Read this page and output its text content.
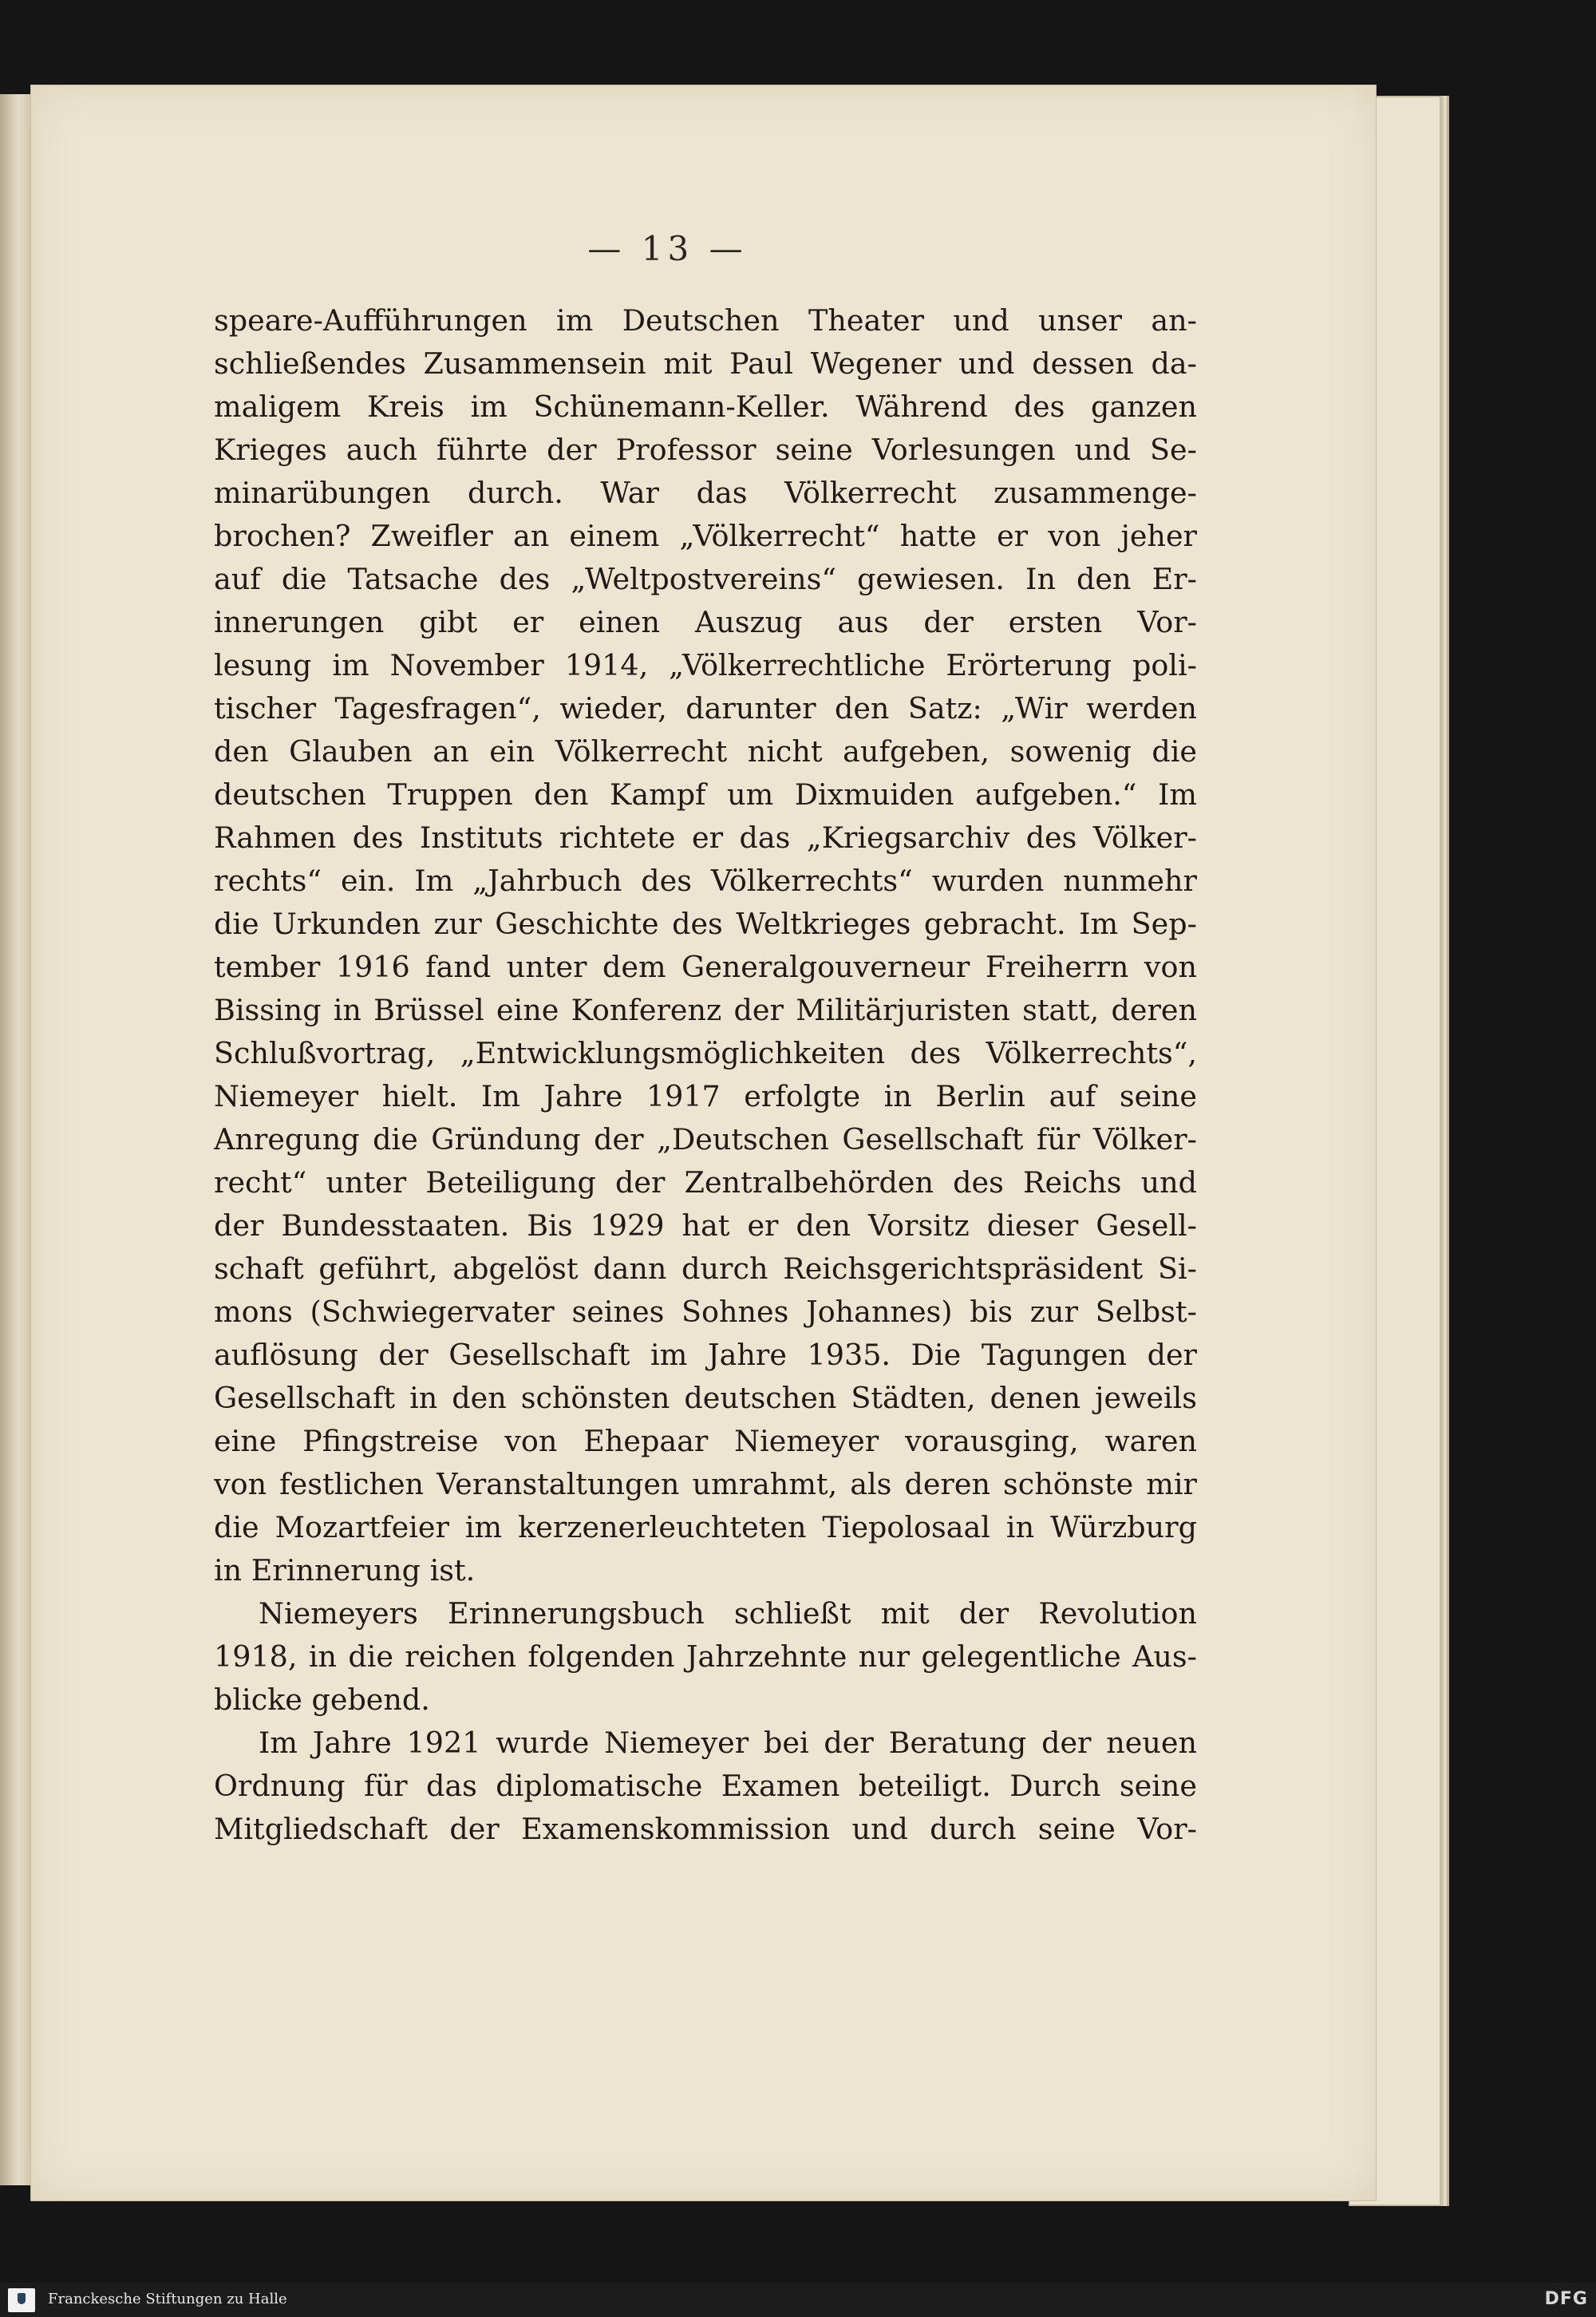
— 13 —
speare-Aufführungen im Deutschen Theater und unser an-
schließendes Zusammensein mit Paul Wegener und dessen da-
maligem Kreis im Schünemann-Keller. Während des ganzen
Krieges auch führte der Professor seine Vorlesungen und Se-
minarübungen durch. War das Völkerrecht zusammenge-
brochen? Zweifler an einem „Völkerrecht“ hatte er von jeher
auf die Tatsache des „Weltpostvereins“ gewiesen. In den Er-
innerungen gibt er einen Auszug aus der ersten Vor-
lesung im November 1914, „Völkerrechtliche Erörterung poli-
tischer Tagesfragen“, wieder, darunter den Satz: „Wir werden
den Glauben an ein Völkerrecht nicht aufgeben, sowenig die
deutschen Truppen den Kampf um Dixmuiden aufgeben.“ Im
Rahmen des Instituts richtete er das „Kriegsarchiv des Völker-
rechts“ ein. Im „Jahrbuch des Völkerrechts“ wurden nunmehr
die Urkunden zur Geschichte des Weltkrieges gebracht. Im Sep-
tember 1916 fand unter dem Generalgouverneur Freiherrn von
Bissing in Brüssel eine Konferenz der Militärjuristen statt, deren
Schlußvortrag, „Entwicklungsmöglichkeiten des Völkerrechts“,
Niemeyer hielt. Im Jahre 1917 erfolgte in Berlin auf seine
Anregung die Gründung der „Deutschen Gesellschaft für Völker-
recht“ unter Beteiligung der Zentralbehörden des Reichs und
der Bundesstaaten. Bis 1929 hat er den Vorsitz dieser Gesell-
schaft geführt, abgelöst dann durch Reichsgerichtspräsident Si-
mons (Schwiegervater seines Sohnes Johannes) bis zur Selbst-
auflösung der Gesellschaft im Jahre 1935. Die Tagungen der
Gesellschaft in den schönsten deutschen Städten, denen jeweils
eine Pfingstreise von Ehepaar Niemeyer vorausging, waren
von festlichen Veranstaltungen umrahmt, als deren schönste mir
die Mozartfeier im kerzenerleuchteten Tiepolosaal in Würzburg
in Erinnerung ist.
Niemeyers Erinnerungsbuch schließt mit der Revolution
1918, in die reichen folgenden Jahrzehnte nur gelegentliche Aus-
blicke gebend.
Im Jahre 1921 wurde Niemeyer bei der Beratung der neuen
Ordnung für das diplomatische Examen beteiligt. Durch seine
Mitgliedschaft der Examenskommission und durch seine Vor-
Franckesche Stiftungen zu Halle	DFG
